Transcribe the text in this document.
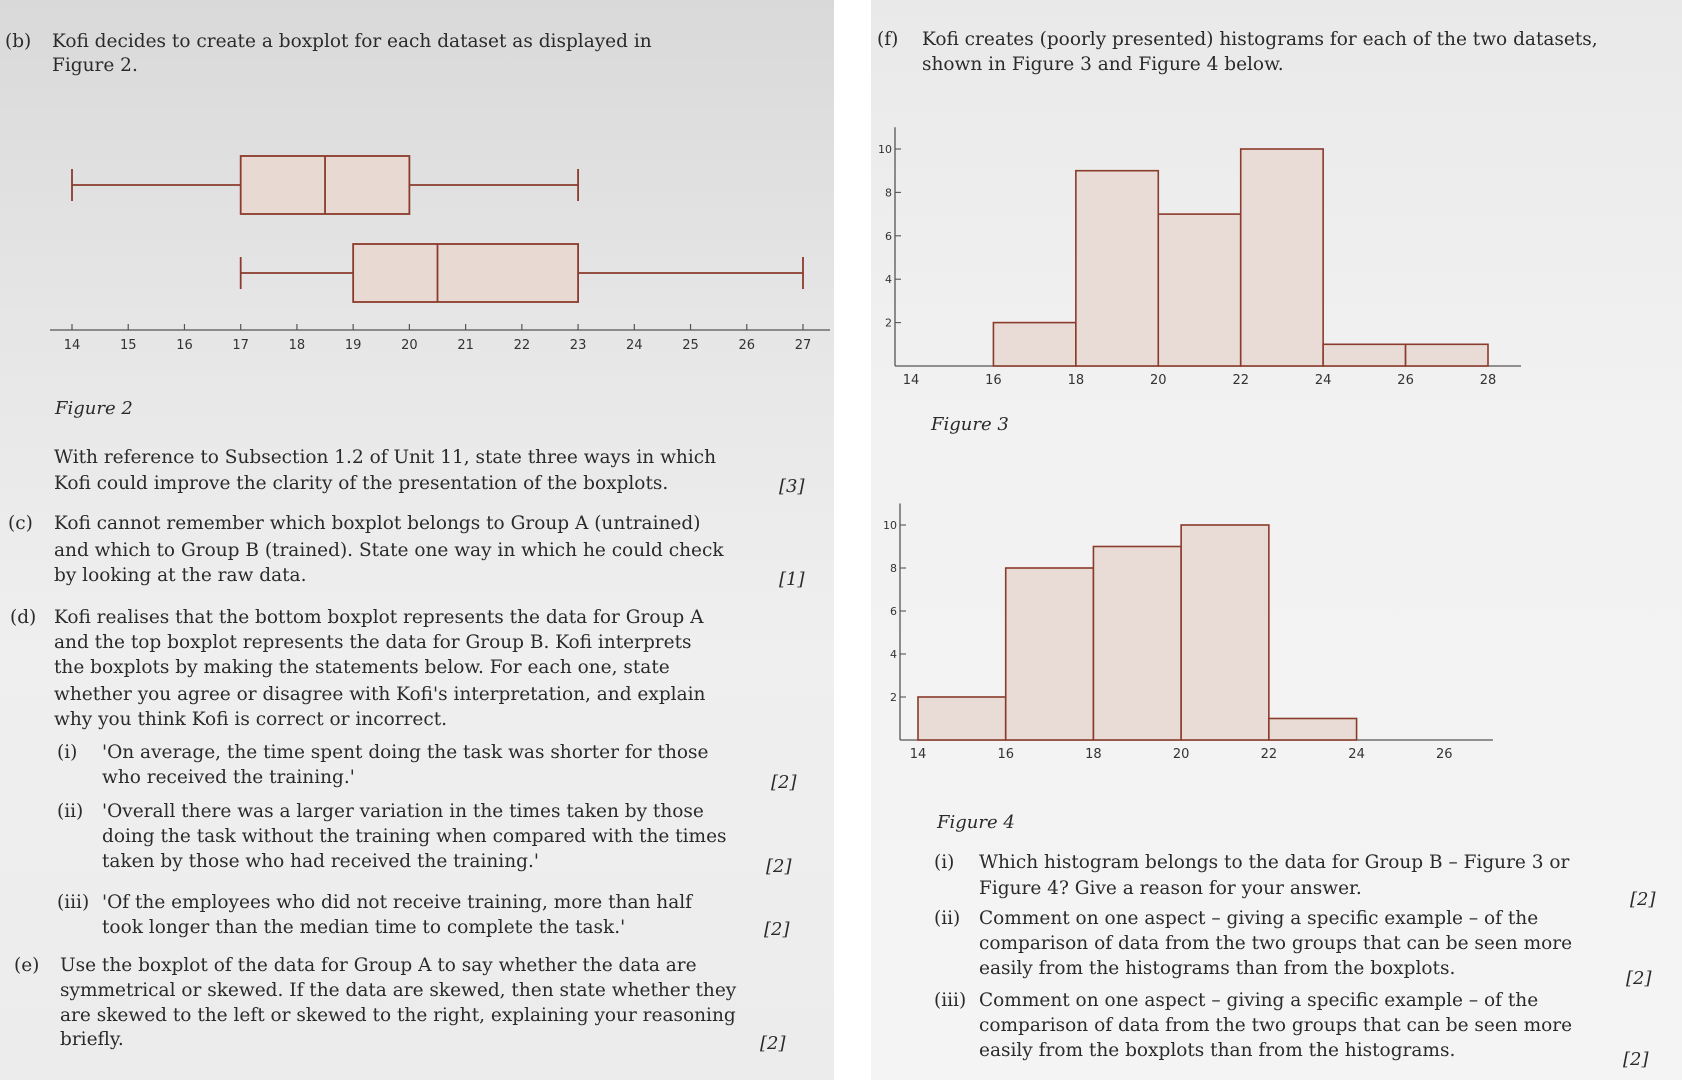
(b) Kofi decides to create a boxplot for each dataset as displayed in
Figure 2.
14	15	16	17	18	19	20	21	22	23	24	25	26	27
Figure 2
With reference to Subsection 1.2 of Unit 11, state three ways in which
Kofi could improve the clarity of the presentation of the boxplots.	[3]
(c) Kofi cannot remember which boxplot belongs to Group A (untrained)
and which to Group B (trained). State one way in which he could check
by looking at the raw data.	[1]
(d) Kofi realises that the bottom boxplot represents the data for Group A
and the top boxplot represents the data for Group B. Kofi interprets
the boxplots by making the statements below. For each one, state
whether you agree or disagree with Kofi's interpretation, and explain
why you think Kofi is correct or incorrect.
(i) 'On average, the time spent doing the task was shorter for those
who received the training.'	[2]
(ii) 'Overall there was a larger variation in the times taken by those
doing the task without the training when compared with the times
taken by those who had received the training.'	[2]
(iii) 'Of the employees who did not receive training, more than half
took longer than the median time to complete the task.'	[2]
(e) Use the boxplot of the data for Group A to say whether the data are
symmetrical or skewed. If the data are skewed, then state whether they
are skewed to the left or skewed to the right, explaining your reasoning
briefly.	[2]
(f) Kofi creates (poorly presented) histograms for each of the two datasets,
shown in Figure 3 and Figure 4 below.
2
4
6
8
10
14	16	18	20	22	24	26	28
Figure 3
2
4
6
8
10
14	16	18	20	22	24	26
Figure 4
(i) Which histogram belongs to the data for Group B – Figure 3 or
Figure 4? Give a reason for your answer.
[2]
(ii) Comment on one aspect – giving a specific example – of the
comparison of data from the two groups that can be seen more
easily from the histograms than from the boxplots.	[2]
(iii) Comment on one aspect – giving a specific example – of the
comparison of data from the two groups that can be seen more
easily from the boxplots than from the histograms.	[2]
